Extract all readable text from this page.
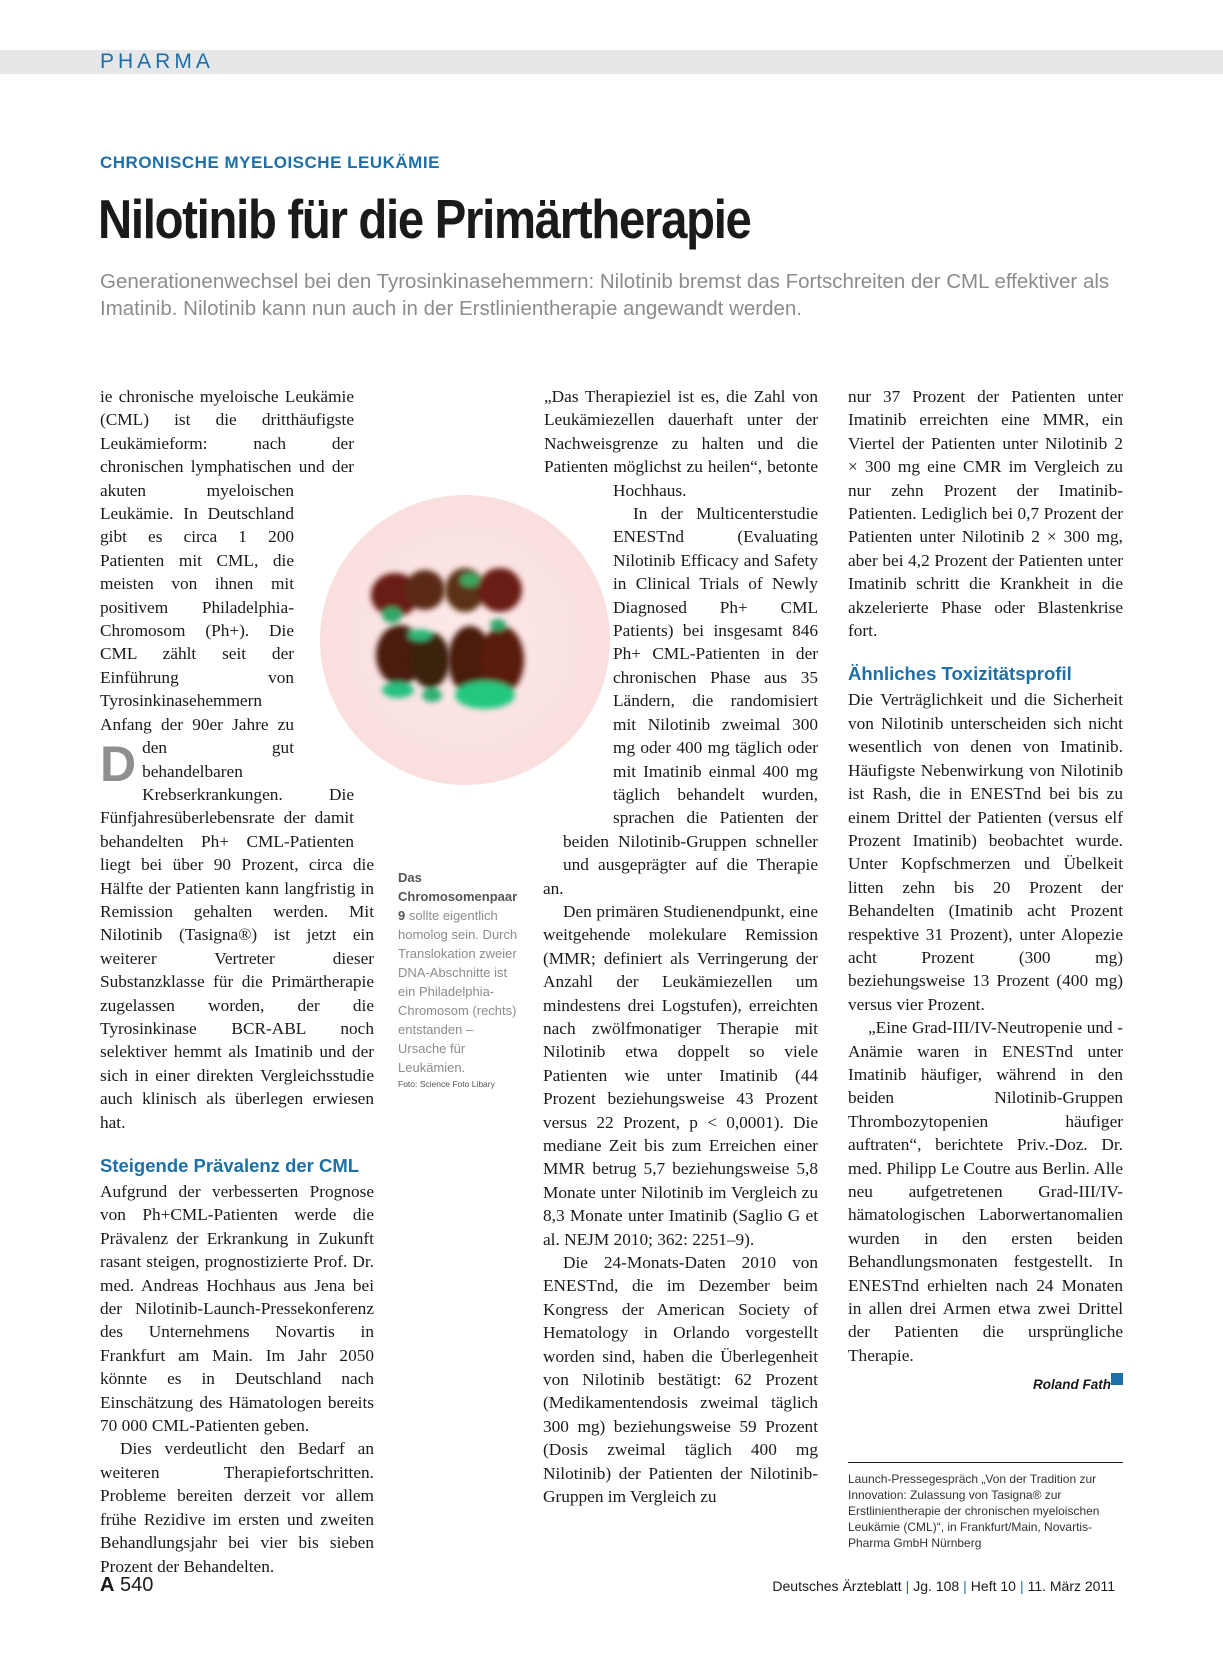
PHARMA
CHRONISCHE MYELOISCHE LEUKÄMIE
Nilotinib für die Primärtherapie
Generationenwechsel bei den Tyrosinkinasehemmern: Nilotinib bremst das Fortschreiten der CML effektiver als Imatinib. Nilotinib kann nun auch in der Erstlinientherapie angewandt werden.
Das Chromosomenpaar 9 sollte eigentlich homolog sein. Durch Translokation zweier DNA-Abschnitte ist ein Philadelphia-Chromosom (rechts) entstanden – Ursache für Leukämien.
Foto: Science Foto Libary

D
ie chronische myeloische Leukämie (CML) ist die dritthäufigste Leukämieform: nach der chronischen lymphatischen und der akuten myeloischen Leukämie. In Deutschland gibt es circa 1 200 Patienten mit CML, die meisten von ihnen mit positivem Philadelphia-Chromosom (Ph+). Die CML zählt seit der Einführung von Tyrosinkinasehemmern Anfang der 90er Jahre zu den gut behandelbaren Krebserkrankungen. Die Fünfjahresüberlebensrate der damit behandelten Ph+ CML-Patienten liegt bei über 90 Prozent, circa die Hälfte der Patienten kann langfristig in Remission gehalten werden. Mit Nilotinib (Tasigna®) ist jetzt ein weiterer Vertreter dieser Substanzklasse für die Primärtherapie zugelassen worden, der die Tyrosinkinase BCR-ABL noch selektiver hemmt als Imatinib und der sich in einer direkten Vergleichsstudie auch klinisch als überlegen erwiesen hat.

Steigende Prävalenz der CML

Aufgrund der verbesserten Prognose von Ph+CML-Patienten werde die Prävalenz der Erkrankung in Zukunft rasant steigen, prognostizierte Prof. Dr. med. Andreas Hochhaus aus Jena bei der Nilotinib-Launch-Pressekonferenz des Unternehmens Novartis in Frankfurt am Main. Im Jahr 2050 könnte es in Deutschland nach Einschätzung des Hämatologen bereits 70 000 CML-Patienten geben.

Dies verdeutlicht den Bedarf an weiteren Therapiefortschritten. Probleme bereiten derzeit vor allem frühe Rezidive im ersten und zweiten Behandlungsjahr bei vier bis sieben Prozent der Behandelten.

„Das Therapieziel ist es, die Zahl von Leukämiezellen dauerhaft unter der Nachweisgrenze zu halten und die Patienten möglichst zu heilen“, betonte Hochhaus.

In der Multicenterstudie ENESTnd (Evaluating Nilotinib Efficacy and Safety in Clinical Trials of Newly Diagnosed Ph+ CML Patients) bei insgesamt 846 Ph+ CML-Patienten in der chronischen Phase aus 35 Ländern, die randomisiert mit Nilotinib zweimal 300 mg oder 400 mg täglich oder mit Imatinib einmal 400 mg täglich behandelt wurden, sprachen die Patienten der beiden Nilotinib-Gruppen schneller und ausgeprägter auf die Therapie an.

Den primären Studienendpunkt, eine weitgehende molekulare Remission (MMR; definiert als Verringerung der Anzahl der Leukämiezellen um mindestens drei Logstufen), erreichten nach zwölfmonatiger Therapie mit Nilotinib etwa doppelt so viele Patienten wie unter Imatinib (44 Prozent beziehungsweise 43 Prozent versus 22 Prozent, p < 0,0001). Die mediane Zeit bis zum Erreichen einer MMR betrug 5,7 beziehungsweise 5,8 Monate unter Nilotinib im Vergleich zu 8,3 Monate unter Imatinib (Saglio G et al. NEJM 2010; 362: 2251–9).

Die 24-Monats-Daten 2010 von ENESTnd, die im Dezember beim Kongress der American Society of Hematology in Orlando vorgestellt worden sind, haben die Überlegenheit von Nilotinib bestätigt: 62 Prozent (Medikamentendosis zweimal täglich 300 mg) beziehungsweise 59 Prozent (Dosis zweimal täglich 400 mg Nilotinib) der Patienten der Nilotinib-Gruppen im Vergleich zu

nur 37 Prozent der Patienten unter Imatinib erreichten eine MMR, ein Viertel der Patienten unter Nilotinib 2 × 300 mg eine CMR im Vergleich zu nur zehn Prozent der Imatinib-Patienten. Lediglich bei 0,7 Prozent der Patienten unter Nilotinib 2 × 300 mg, aber bei 4,2 Prozent der Patienten unter Imatinib schritt die Krankheit in die akzelerierte Phase oder Blastenkrise fort.

Ähnliches Toxizitätsprofil

Die Verträglichkeit und die Sicherheit von Nilotinib unterscheiden sich nicht wesentlich von denen von Imatinib. Häufigste Nebenwirkung von Nilotinib ist Rash, die in ENESTnd bei bis zu einem Drittel der Patienten (versus elf Prozent Imatinib) beobachtet wurde. Unter Kopfschmerzen und Übelkeit litten zehn bis 20 Prozent der Behandelten (Imatinib acht Prozent respektive 31 Prozent), unter Alopezie acht Prozent (300 mg) beziehungsweise 13 Prozent (400 mg) versus vier Prozent.

„Eine Grad-III/IV-Neutropenie und -Anämie waren in ENESTnd unter Imatinib häufiger, während in den beiden Nilotinib-Gruppen Thrombozytopenien häufiger auftraten“, berichtete Priv.-Doz. Dr. med. Philipp Le Coutre aus Berlin. Alle neu aufgetretenen Grad-III/IV-hämatologischen Laborwertanomalien wurden in den ersten beiden Behandlungsmonaten festgestellt. In ENESTnd erhielten nach 24 Monaten in allen drei Armen etwa zwei Drittel der Patienten die ursprüngliche Therapie.

Roland Fath
Launch-Pressegespräch „Von der Tradition zur Innovation: Zulassung von Tasigna® zur Erstlinientherapie der chronischen myeloischen Leukämie (CML)“, in Frankfurt/Main, Novartis-Pharma GmbH Nürnberg
A 540	Deutsches Ärzteblatt | Jg. 108 | Heft 10 | 11. März 2011
